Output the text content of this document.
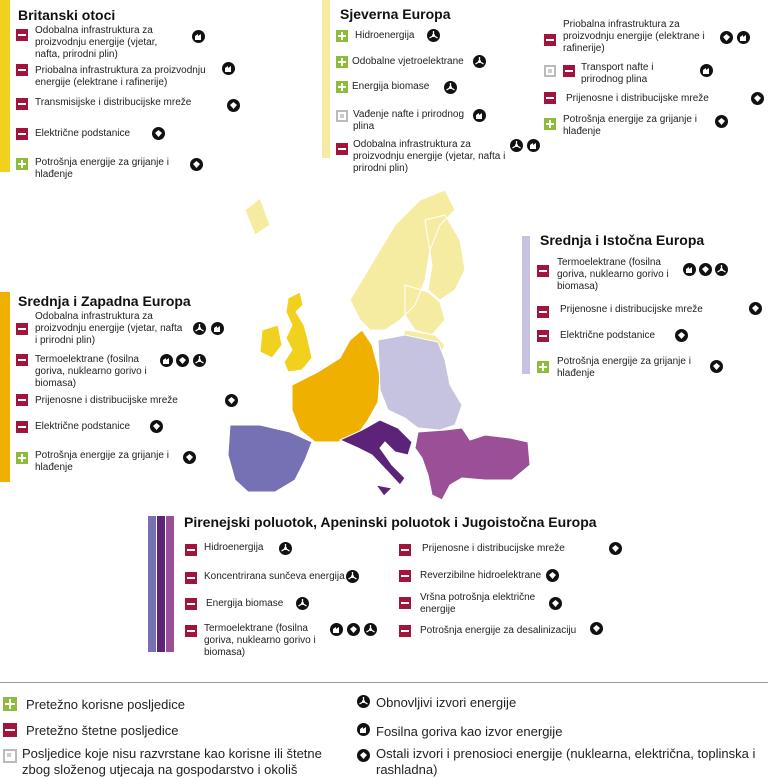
Britanski otoci
Odobalna infrastruktura za proizvodnju energije (vjetar, nafta, prirodni plin)
Priobalna infrastruktura za proizvodnju energije (elektrane i rafinerije)
Transmisijske i distribucijske mreže
Električne podstanice
Potrošnja energije za grijanje i hlađenje
Sjeverna Europa
Hidroenergija
Odobalne vjetroelektrane
Energija biomase
Vađenje nafte i prirodnog plina
Odobalna infrastruktura za proizvodnju energije (vjetar, nafta i prirodni plin)
Priobalna infrastruktura za proizvodnju energije (elektrane i rafinerije)
Transport nafte i prirodnog plina
Prijenosne i distribucijske mreže
Potrošnja energije za grijanje i hlađenje
Srednja i Istočna Europa
Termoelektrane (fosilna goriva, nuklearno gorivo i biomasa)
Prijenosne i distribucijske mreže
Električne podstanice
Potrošnja energije za grijanje i hlađenje
Srednja i Zapadna Europa
Odobalna infrastruktura za proizvodnju energije (vjetar, nafta i prirodni plin)
Termoelektrane (fosilna goriva, nuklearno gorivo i biomasa)
Prijenosne i distribucijske mreže
Električne podstanice
Potrošnja energije za grijanje i hlađenje
Pirenejski poluotok, Apeninski poluotok i Jugoistočna Europa
Hidroenergija
Koncentrirana sunčeva energija
Energija biomase
Termoelektrane (fosilna goriva, nuklearno gorivo i biomasa)
Prijenosne i distribucijske mreže
Reverzibilne hidroelektrane
Vršna potrošnja električne energije
Potrošnja energije za desalinizaciju
Pretežno korisne posljedice
Pretežno štetne posljedice
Posljedice koje nisu razvrstane kao korisne ili štetne zbog složenog utjecaja na gospodarstvo i okoliš
Obnovljivi izvori energije
Fosilna goriva kao izvor energije
Ostali izvori i prenosioci energije (nuklearna, električna, toplinska i rashladna)
